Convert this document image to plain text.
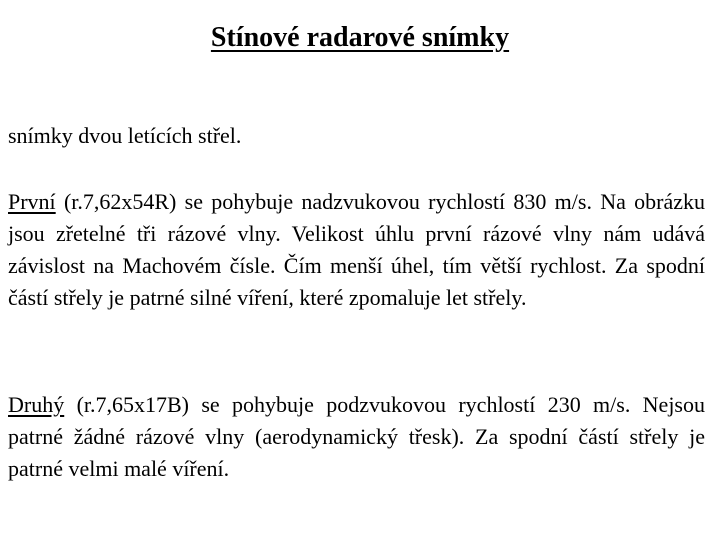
Stínové radarové snímky

snímky dvou letících střel.

První (r.7,62x54R) se pohybuje nadzvukovou rychlostí 830 m/s. Na obrázku jsou zřetelné tři rázové vlny. Velikost úhlu první rázové vlny nám udává závislost na Machovém čísle. Čím menší úhel, tím větší rychlost. Za spodní částí střely je patrné silné víření, které zpomaluje let střely.

Druhý (r.7,65x17B) se pohybuje podzvukovou rychlostí 230 m/s. Nejsou patrné žádné rázové vlny (aerodynamický třesk). Za spodní částí střely je patrné velmi malé víření.
